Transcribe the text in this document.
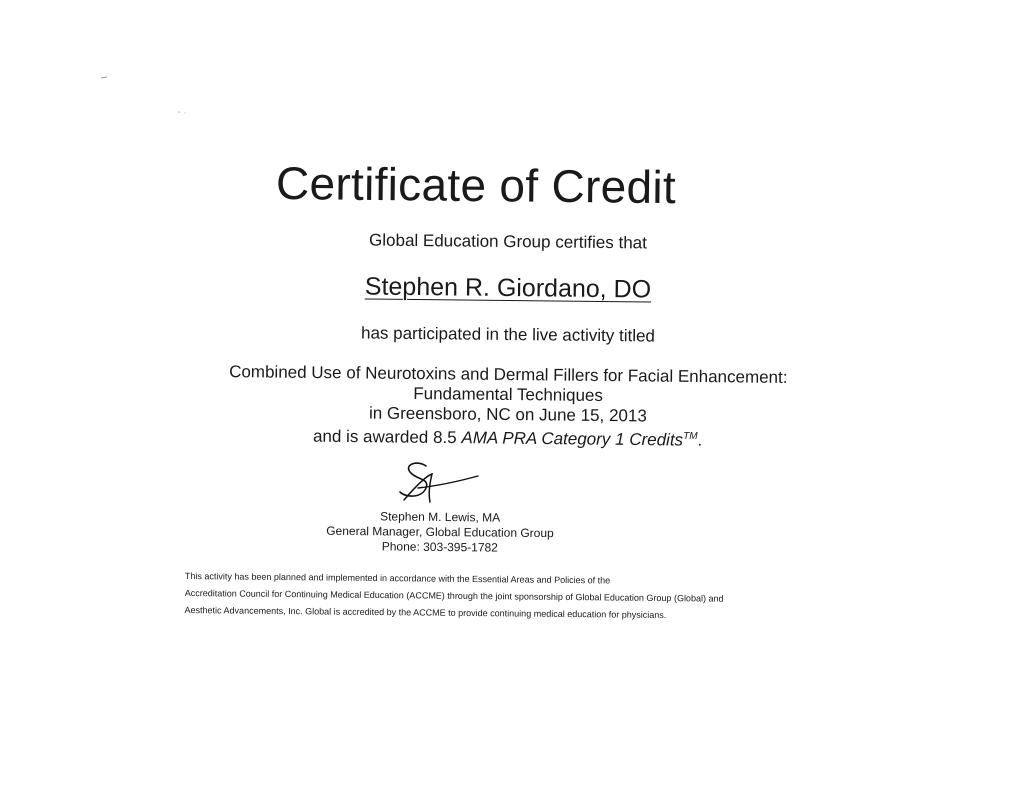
Certificate of Credit
Global Education Group certifies that
Stephen R. Giordano, DO
has participated in the live activity titled
Combined Use of Neurotoxins and Dermal Fillers for Facial Enhancement:
Fundamental Techniques
in Greensboro, NC on June 15, 2013
and is awarded 8.5 AMA PRA Category 1 Credits™.
Stephen M. Lewis, MA
General Manager, Global Education Group
Phone: 303-395-1782
This activity has been planned and implemented in accordance with the Essential Areas and Policies of the
Accreditation Council for Continuing Medical Education (ACCME) through the joint sponsorship of Global Education Group (Global) and
Aesthetic Advancements, Inc. Global is accredited by the ACCME to provide continuing medical education for physicians.
